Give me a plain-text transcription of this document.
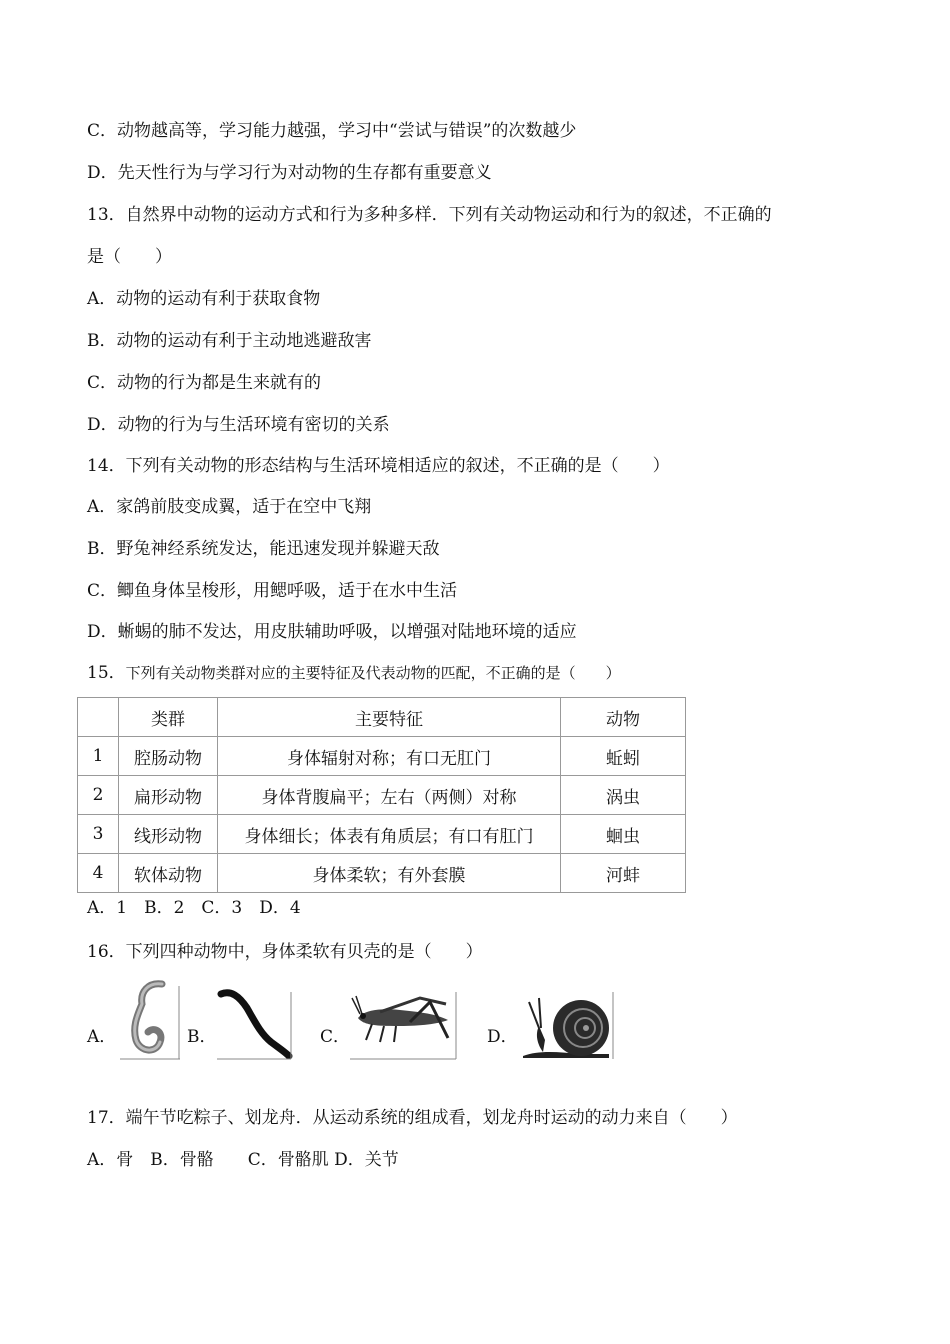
C．动物越高等，学习能力越强，学习中“尝试与错误”的次数越少
D．先天性行为与学习行为对动物的生存都有重要意义
13．自然界中动物的运动方式和行为多种多样．下列有关动物运动和行为的叙述，不正确的
是（　　）
A．动物的运动有利于获取食物
B．动物的运动有利于主动地逃避敌害
C．动物的行为都是生来就有的
D．动物的行为与生活环境有密切的关系
14．下列有关动物的形态结构与生活环境相适应的叙述，不正确的是（　　）
A．家鸽前肢变成翼，适于在空中飞翔
B．野兔神经系统发达，能迅速发现并躲避天敌
C．鲫鱼身体呈梭形，用鳃呼吸，适于在水中生活
D．蜥蜴的肺不发达，用皮肤辅助呼吸，以增强对陆地环境的适应
15．下列有关动物类群对应的主要特征及代表动物的匹配，不正确的是（　　）
	类群	主要特征	动物
1	腔肠动物	身体辐射对称；有口无肛门	蚯蚓
2	扁形动物	身体背腹扁平；左右（两侧）对称	涡虫
3	线形动物	身体细长；体表有角质层；有口有肛门	蛔虫
4	软体动物	身体柔软；有外套膜	河蚌
A．1　B．2　C．3　D．4
16．下列四种动物中，身体柔软有贝壳的是（　　）
A．	B．	C．	D．
17．端午节吃粽子、划龙舟．从运动系统的组成看，划龙舟时运动的动力来自（　　）
A．骨　B．骨骼　　C．骨骼肌 D．关节
